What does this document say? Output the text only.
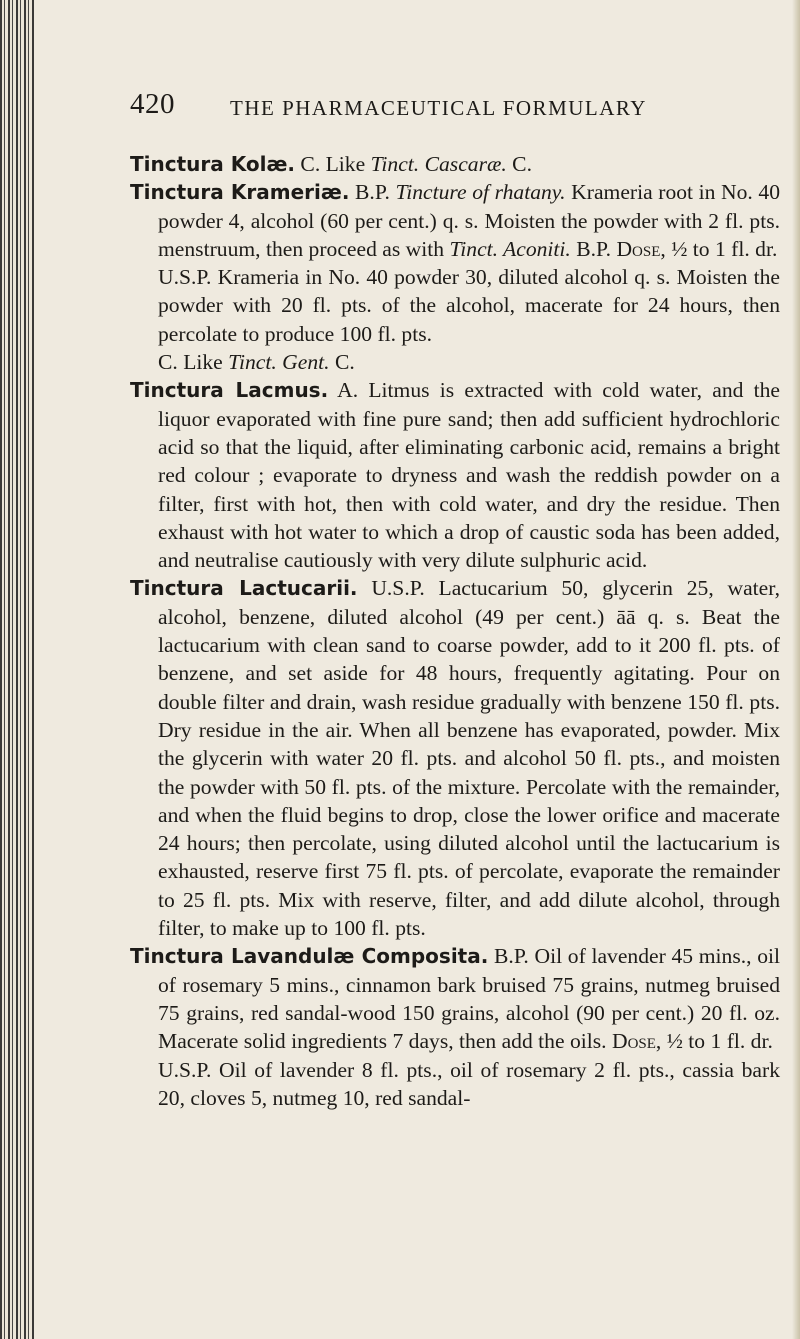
420	THE PHARMACEUTICAL FORMULARY

Tinctura Kolæ. C. Like Tinct. Cascaræ. C.

Tinctura Krameriæ. B.P. Tincture of rhatany. Krameria root in No. 40 powder 4, alcohol (60 per cent.) q. s. Moisten the powder with 2 fl. pts. menstruum, then proceed as with Tinct. Aconiti. B.P. Dose, ½ to 1 fl. dr.

U.S.P. Krameria in No. 40 powder 30, diluted alcohol q. s. Moisten the powder with 20 fl. pts. of the alcohol, macerate for 24 hours, then percolate to produce 100 fl. pts.

C. Like Tinct. Gent. C.

Tinctura Lacmus. A. Litmus is extracted with cold water, and the liquor evaporated with fine pure sand; then add sufficient hydrochloric acid so that the liquid, after eliminating carbonic acid, remains a bright red colour ; evaporate to dryness and wash the reddish powder on a filter, first with hot, then with cold water, and dry the residue. Then exhaust with hot water to which a drop of caustic soda has been added, and neutralise cautiously with very dilute sulphuric acid.

Tinctura Lactucarii. U.S.P. Lactucarium 50, glycerin 25, water, alcohol, benzene, diluted alcohol (49 per cent.) āā q. s. Beat the lactucarium with clean sand to coarse powder, add to it 200 fl. pts. of benzene, and set aside for 48 hours, frequently agitating. Pour on double filter and drain, wash residue gradually with benzene 150 fl. pts. Dry residue in the air. When all benzene has evaporated, powder. Mix the glycerin with water 20 fl. pts. and alcohol 50 fl. pts., and moisten the powder with 50 fl. pts. of the mixture. Percolate with the remainder, and when the fluid begins to drop, close the lower orifice and macerate 24 hours; then percolate, using diluted alcohol until the lactucarium is exhausted, reserve first 75 fl. pts. of percolate, evaporate the remainder to 25 fl. pts. Mix with reserve, filter, and add dilute alcohol, through filter, to make up to 100 fl. pts.

Tinctura Lavandulæ Composita. B.P. Oil of lavender 45 mins., oil of rosemary 5 mins., cinnamon bark bruised 75 grains, nutmeg bruised 75 grains, red sandal-wood 150 grains, alcohol (90 per cent.) 20 fl. oz. Macerate solid ingredients 7 days, then add the oils. Dose, ½ to 1 fl. dr.

U.S.P. Oil of lavender 8 fl. pts., oil of rosemary 2 fl. pts., cassia bark 20, cloves 5, nutmeg 10, red sandal-
